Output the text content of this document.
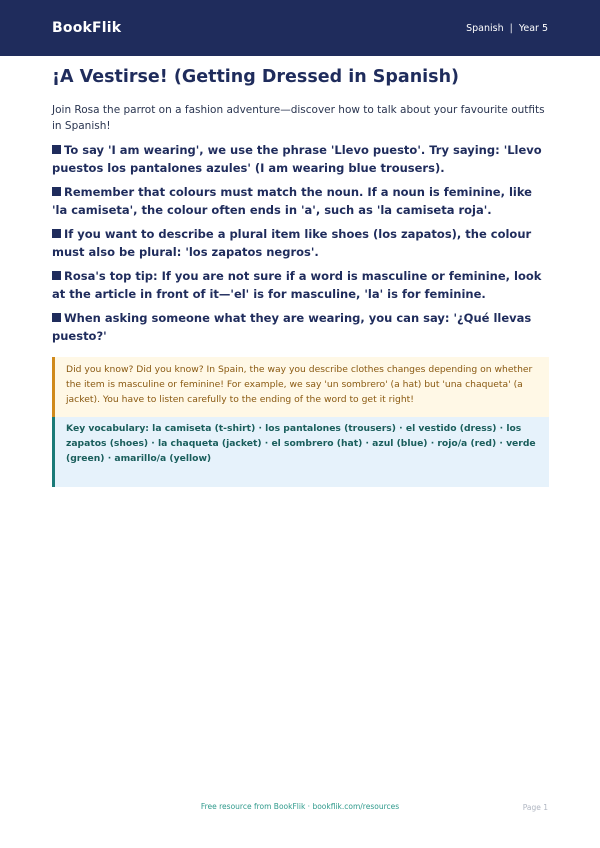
BookFlik	Spanish | Year 5
¡A Vestirse! (Getting Dressed in Spanish)

Join Rosa the parrot on a fashion adventure—discover how to talk about your favourite outfits in Spanish!

To say 'I am wearing', we use the phrase 'Llevo puesto'. Try saying: 'Llevo puestos los pantalones azules' (I am wearing blue trousers).
Remember that colours must match the noun. If a noun is feminine, like 'la camiseta', the colour often ends in 'a', such as 'la camiseta roja'.
If you want to describe a plural item like shoes (los zapatos), the colour must also be plural: 'los zapatos negros'.
Rosa's top tip: If you are not sure if a word is masculine or feminine, look at the article in front of it—'el' is for masculine, 'la' is for feminine.
When asking someone what they are wearing, you can say: '¿Qué llevas puesto?'
Did you know? Did you know? In Spain, the way you describe clothes changes depending on whether the item is masculine or feminine! For example, we say 'un sombrero' (a hat) but 'una chaqueta' (a jacket). You have to listen carefully to the ending of the word to get it right!
Key vocabulary: la camiseta (t-shirt) · los pantalones (trousers) · el vestido (dress) · los zapatos (shoes) · la chaqueta (jacket) · el sombrero (hat) · azul (blue) · rojo/a (red) · verde (green) · amarillo/a (yellow)
Free resource from BookFlik · bookflik.com/resources	Page 1
